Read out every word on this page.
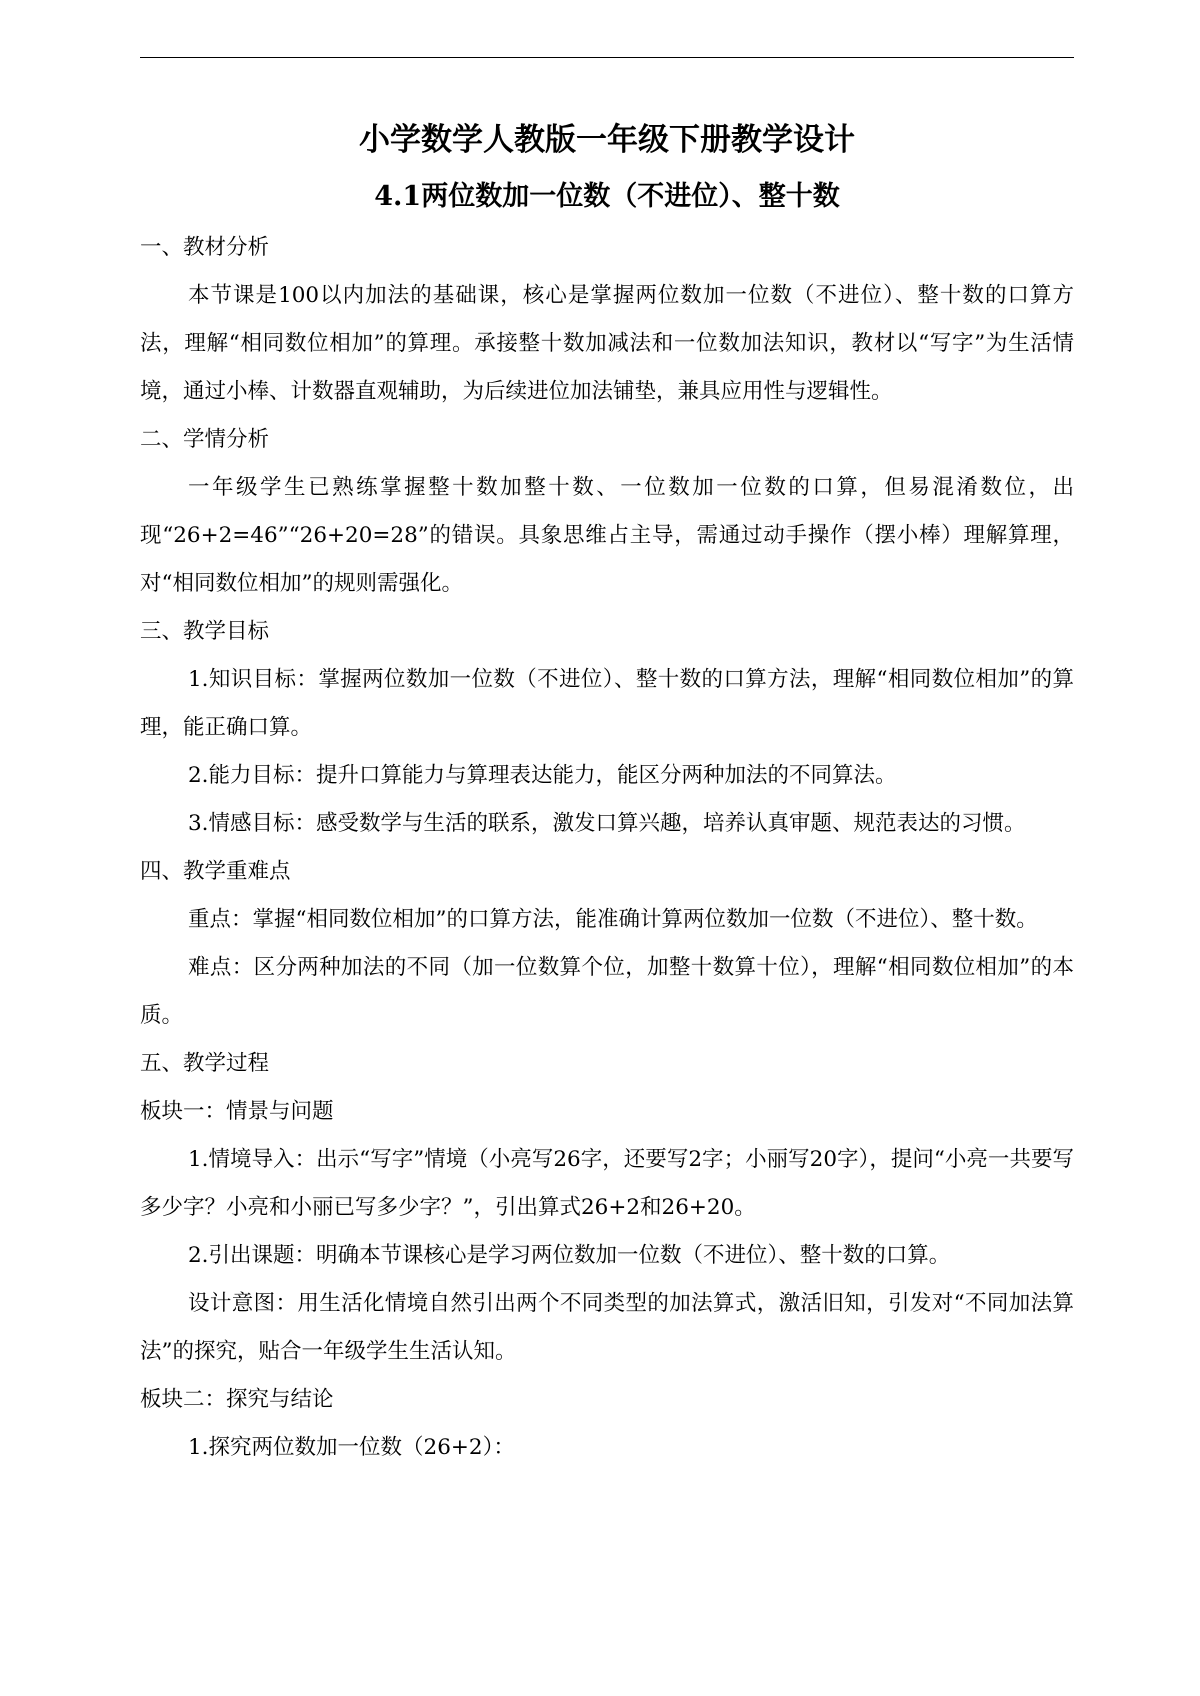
小学数学人教版一年级下册教学设计
4.1两位数加一位数（不进位）、整十数

一、教材分析

本节课是100以内加法的基础课，核心是掌握两位数加一位数（不进位）、整十数的口算方法，理解“相同数位相加”的算理。承接整十数加减法和一位数加法知识，教材以“写字”为生活情境，通过小棒、计数器直观辅助，为后续进位加法铺垫，兼具应用性与逻辑性。

二、学情分析

一年级学生已熟练掌握整十数加整十数、一位数加一位数的口算，但易混淆数位，出现“26+2=46”“26+20=28”的错误。具象思维占主导，需通过动手操作（摆小棒）理解算理，对“相同数位相加”的规则需强化。

三、教学目标

1.知识目标：掌握两位数加一位数（不进位）、整十数的口算方法，理解“相同数位相加”的算理，能正确口算。

2.能力目标：提升口算能力与算理表达能力，能区分两种加法的不同算法。

3.情感目标：感受数学与生活的联系，激发口算兴趣，培养认真审题、规范表达的习惯。

四、教学重难点

重点：掌握“相同数位相加”的口算方法，能准确计算两位数加一位数（不进位）、整十数。

难点：区分两种加法的不同（加一位数算个位，加整十数算十位），理解“相同数位相加”的本质。

五、教学过程

板块一：情景与问题

1.情境导入：出示“写字”情境（小亮写26字，还要写2字；小丽写20字），提问“小亮一共要写多少字？小亮和小丽已写多少字？”，引出算式26+2和26+20。

2.引出课题：明确本节课核心是学习两位数加一位数（不进位）、整十数的口算。

设计意图：用生活化情境自然引出两个不同类型的加法算式，激活旧知，引发对“不同加法算法”的探究，贴合一年级学生生活认知。

板块二：探究与结论

1.探究两位数加一位数（26+2）：
